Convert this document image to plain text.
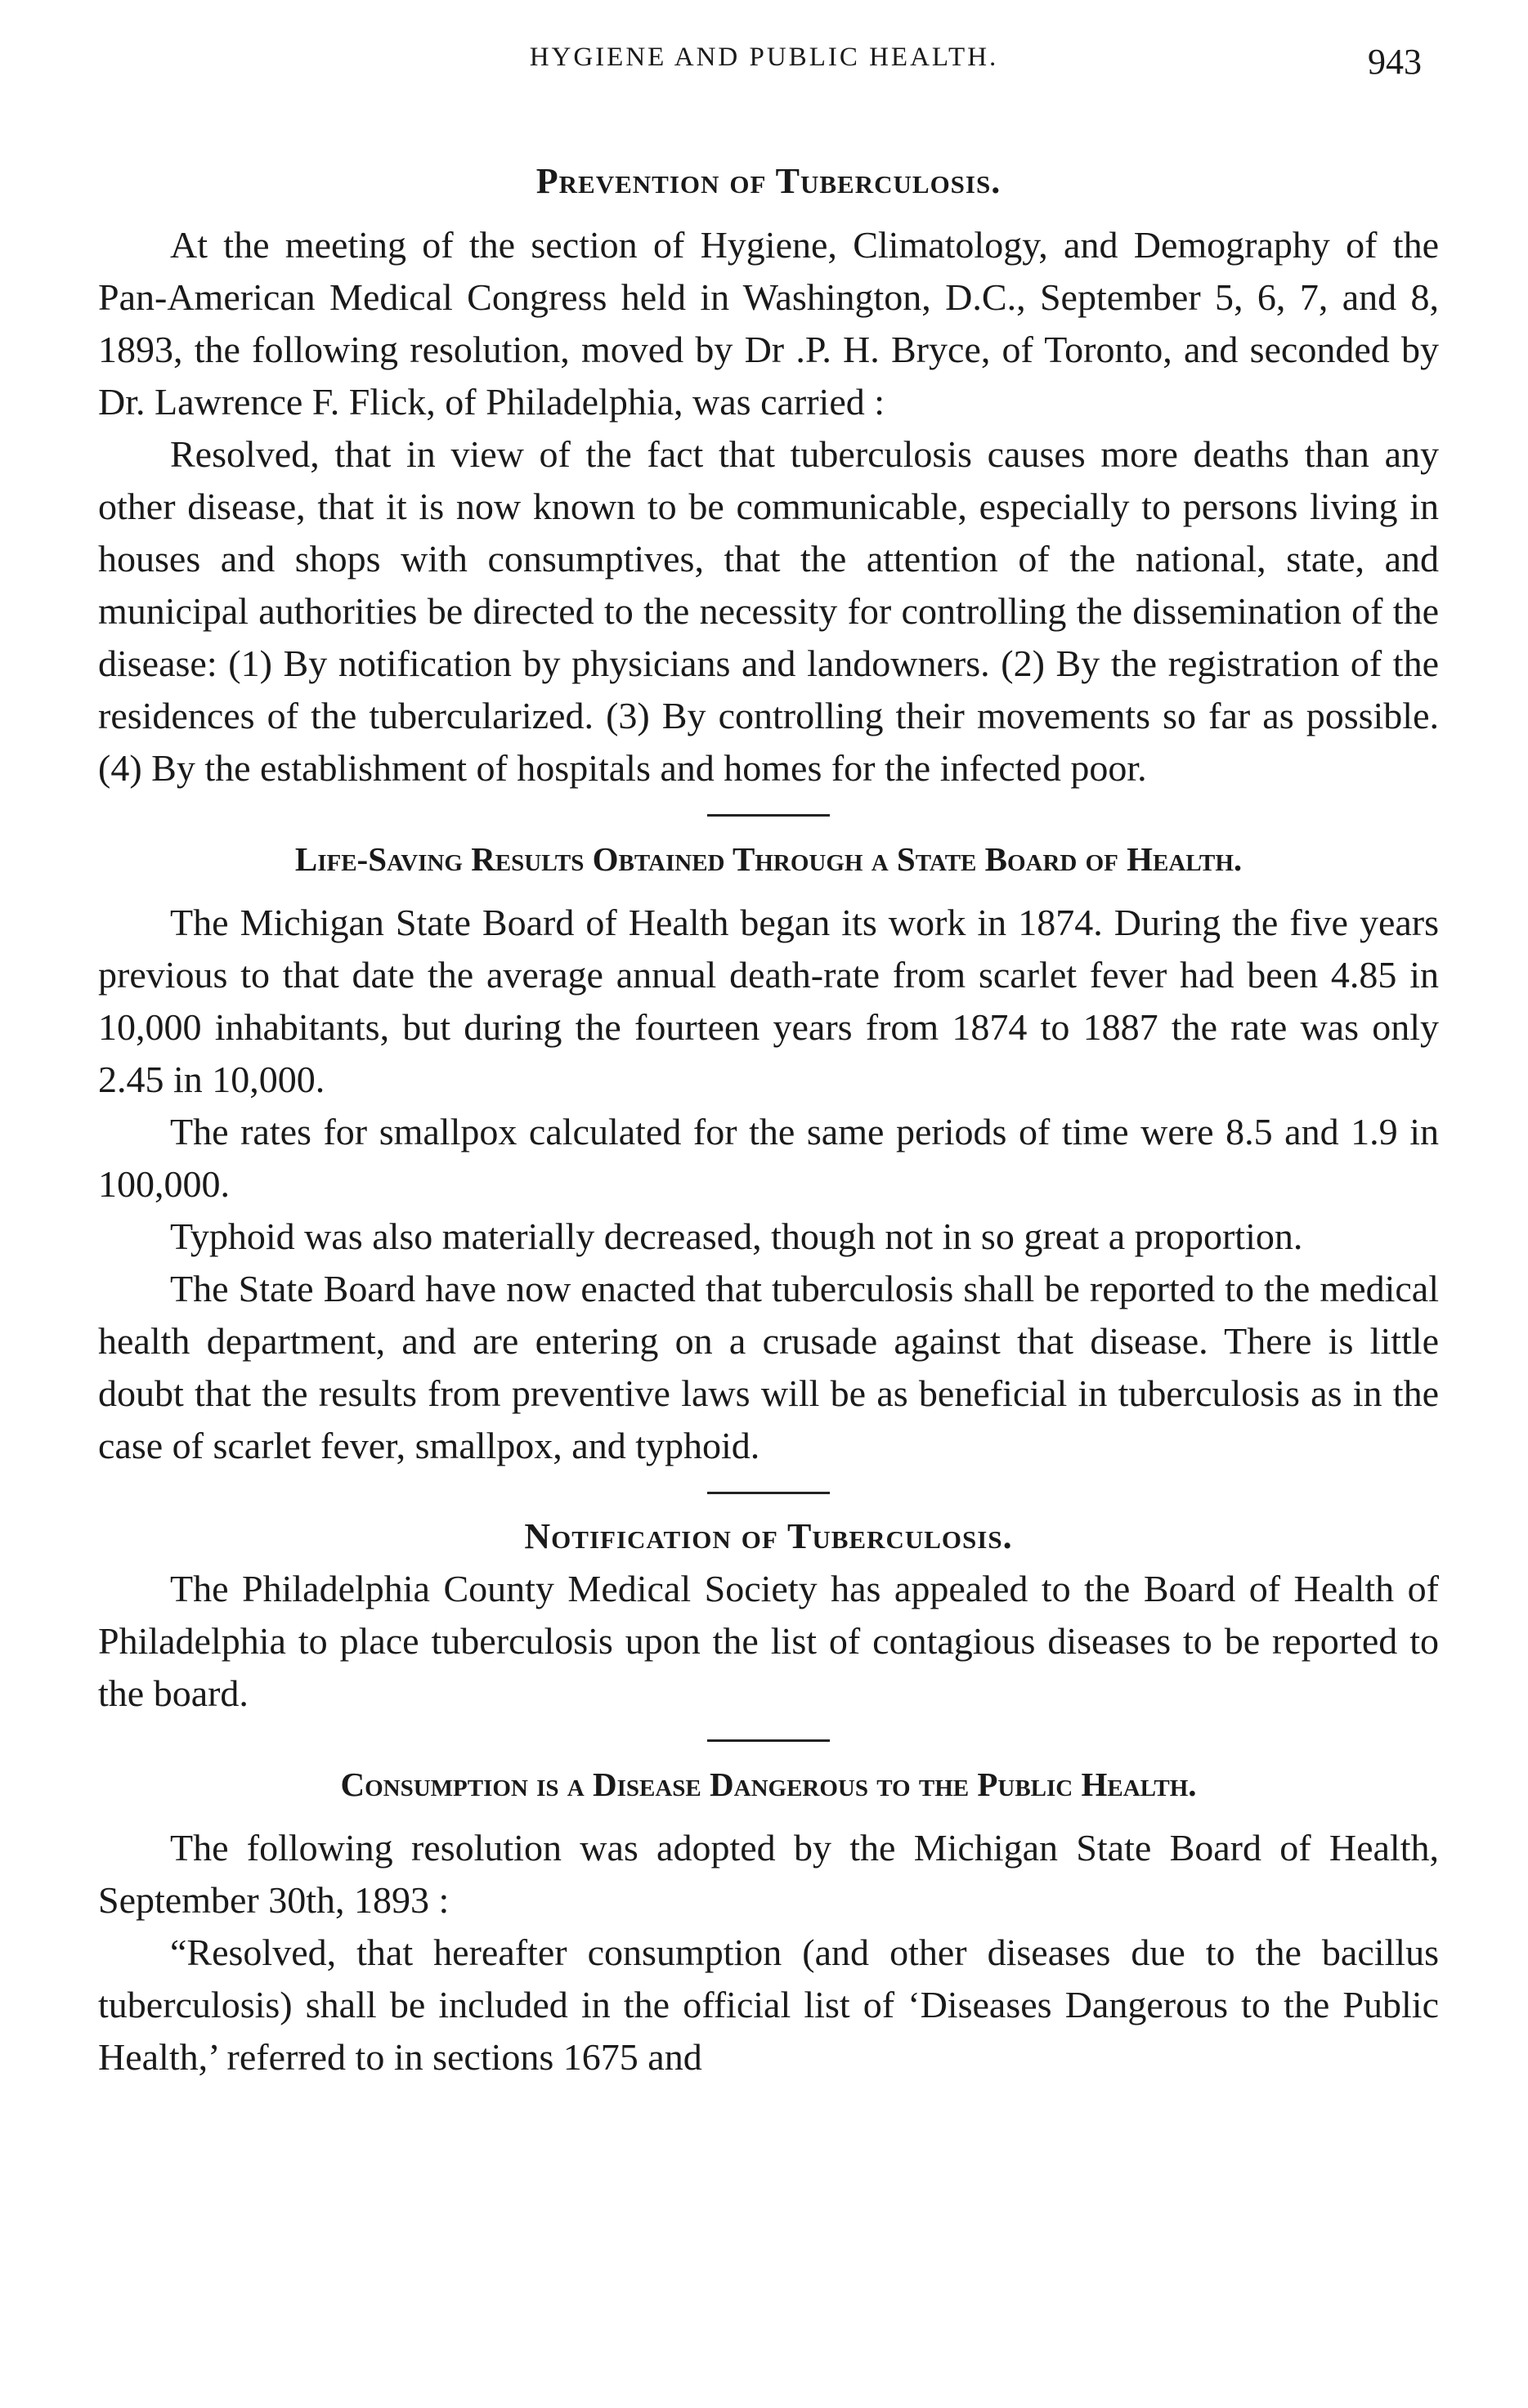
HYGIENE AND PUBLIC HEALTH.	943
Prevention of Tuberculosis.

At the meeting of the section of Hygiene, Climatology, and Demography of the Pan-American Medical Congress held in Washington, D.C., September 5, 6, 7, and 8, 1893, the following resolution, moved by Dr .P. H. Bryce, of Toronto, and seconded by Dr. Lawrence F. Flick, of Philadelphia, was carried :

Resolved, that in view of the fact that tuberculosis causes more deaths than any other disease, that it is now known to be communicable, especially to persons living in houses and shops with consumptives, that the attention of the national, state, and municipal authorities be directed to the necessity for controlling the dissemination of the disease: (1) By notification by physicians and landowners. (2) By the registration of the residences of the tubercularized. (3) By controlling their movements so far as possible. (4) By the establishment of hospitals and homes for the infected poor.

Life-Saving Results Obtained Through a State Board of Health.

The Michigan State Board of Health began its work in 1874. During the five years previous to that date the average annual death-rate from scarlet fever had been 4.85 in 10,000 inhabitants, but during the fourteen years from 1874 to 1887 the rate was only 2.45 in 10,000.

The rates for smallpox calculated for the same periods of time were 8.5 and 1.9 in 100,000.

Typhoid was also materially decreased, though not in so great a proportion.

The State Board have now enacted that tuberculosis shall be reported to the medical health department, and are entering on a crusade against that disease. There is little doubt that the results from preventive laws will be as beneficial in tuberculosis as in the case of scarlet fever, smallpox, and typhoid.

Notification of Tuberculosis.

The Philadelphia County Medical Society has appealed to the Board of Health of Philadelphia to place tuberculosis upon the list of contagious diseases to be reported to the board.

Consumption is a Disease Dangerous to the Public Health.

The following resolution was adopted by the Michigan State Board of Health, September 30th, 1893 :

“Resolved, that hereafter consumption (and other diseases due to the bacillus tuberculosis) shall be included in the official list of ‘Diseases Dangerous to the Public Health,’ referred to in sections 1675 and
